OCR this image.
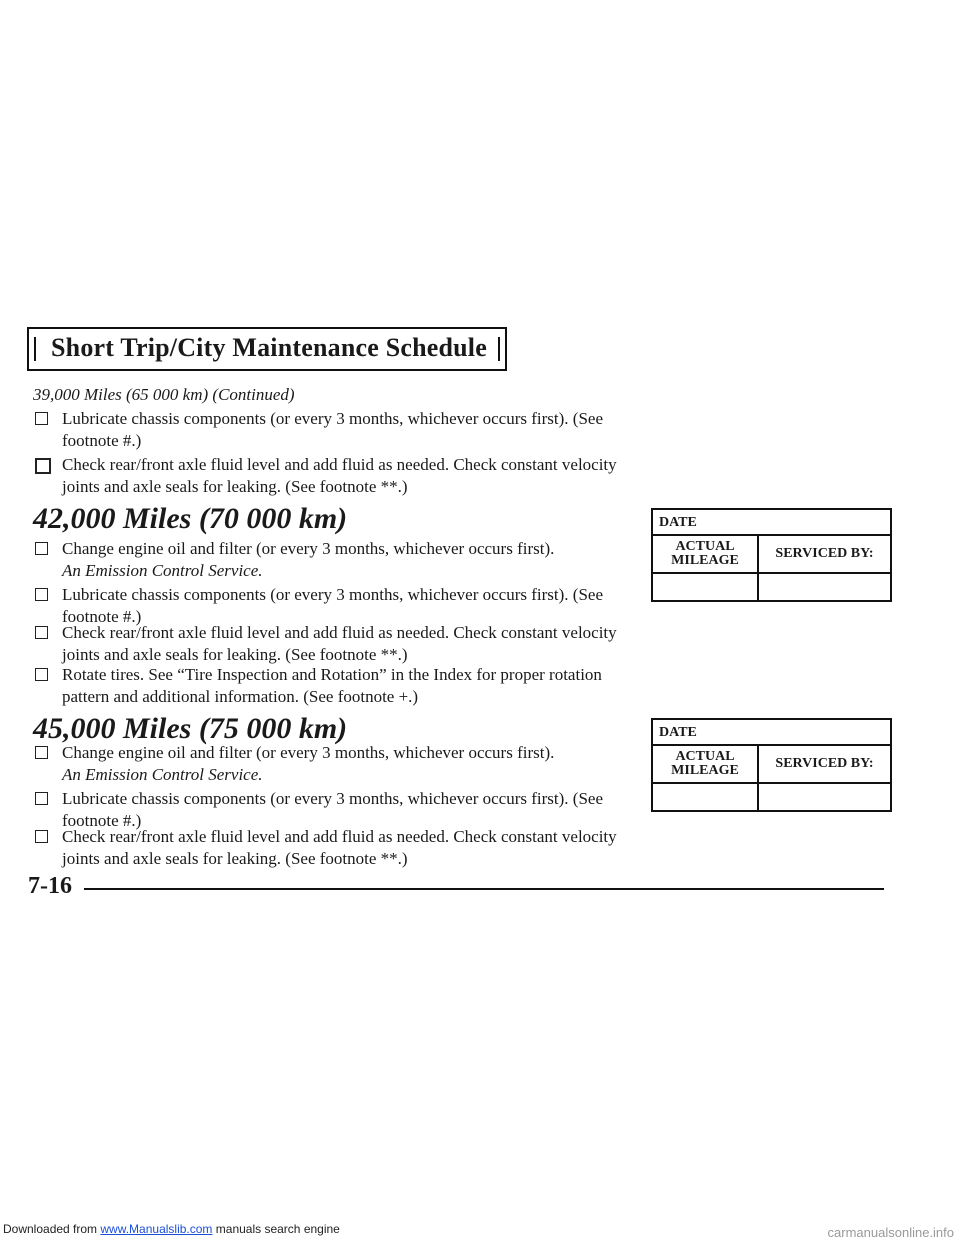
Short Trip/City Maintenance Schedule
39,000 Miles (65 000 km) (Continued)
Lubricate chassis components (or every 3 months, whichever occurs first). (See footnote #.)
Check rear/front axle fluid level and add fluid as needed. Check constant velocity joints and axle seals for leaking. (See footnote **.)
42,000 Miles (70 000 km)
Change engine oil and filter (or every 3 months, whichever occurs first).
An Emission Control Service.
Lubricate chassis components (or every 3 months, whichever occurs first). (See footnote #.)
Check rear/front axle fluid level and add fluid as needed. Check constant velocity joints and axle seals for leaking. (See footnote **.)
Rotate tires. See “Tire Inspection and Rotation” in the Index for proper rotation pattern and additional information. (See footnote +.)
DATE
ACTUAL MILEAGE	SERVICED BY:
45,000 Miles (75 000 km)
Change engine oil and filter (or every 3 months, whichever occurs first).
An Emission Control Service.
Lubricate chassis components (or every 3 months, whichever occurs first). (See footnote #.)
Check rear/front axle fluid level and add fluid as needed. Check constant velocity joints and axle seals for leaking. (See footnote **.)
DATE
ACTUAL MILEAGE	SERVICED BY:
7-16
Downloaded from www.Manualslib.com manuals search engine	carmanualsonline.info
